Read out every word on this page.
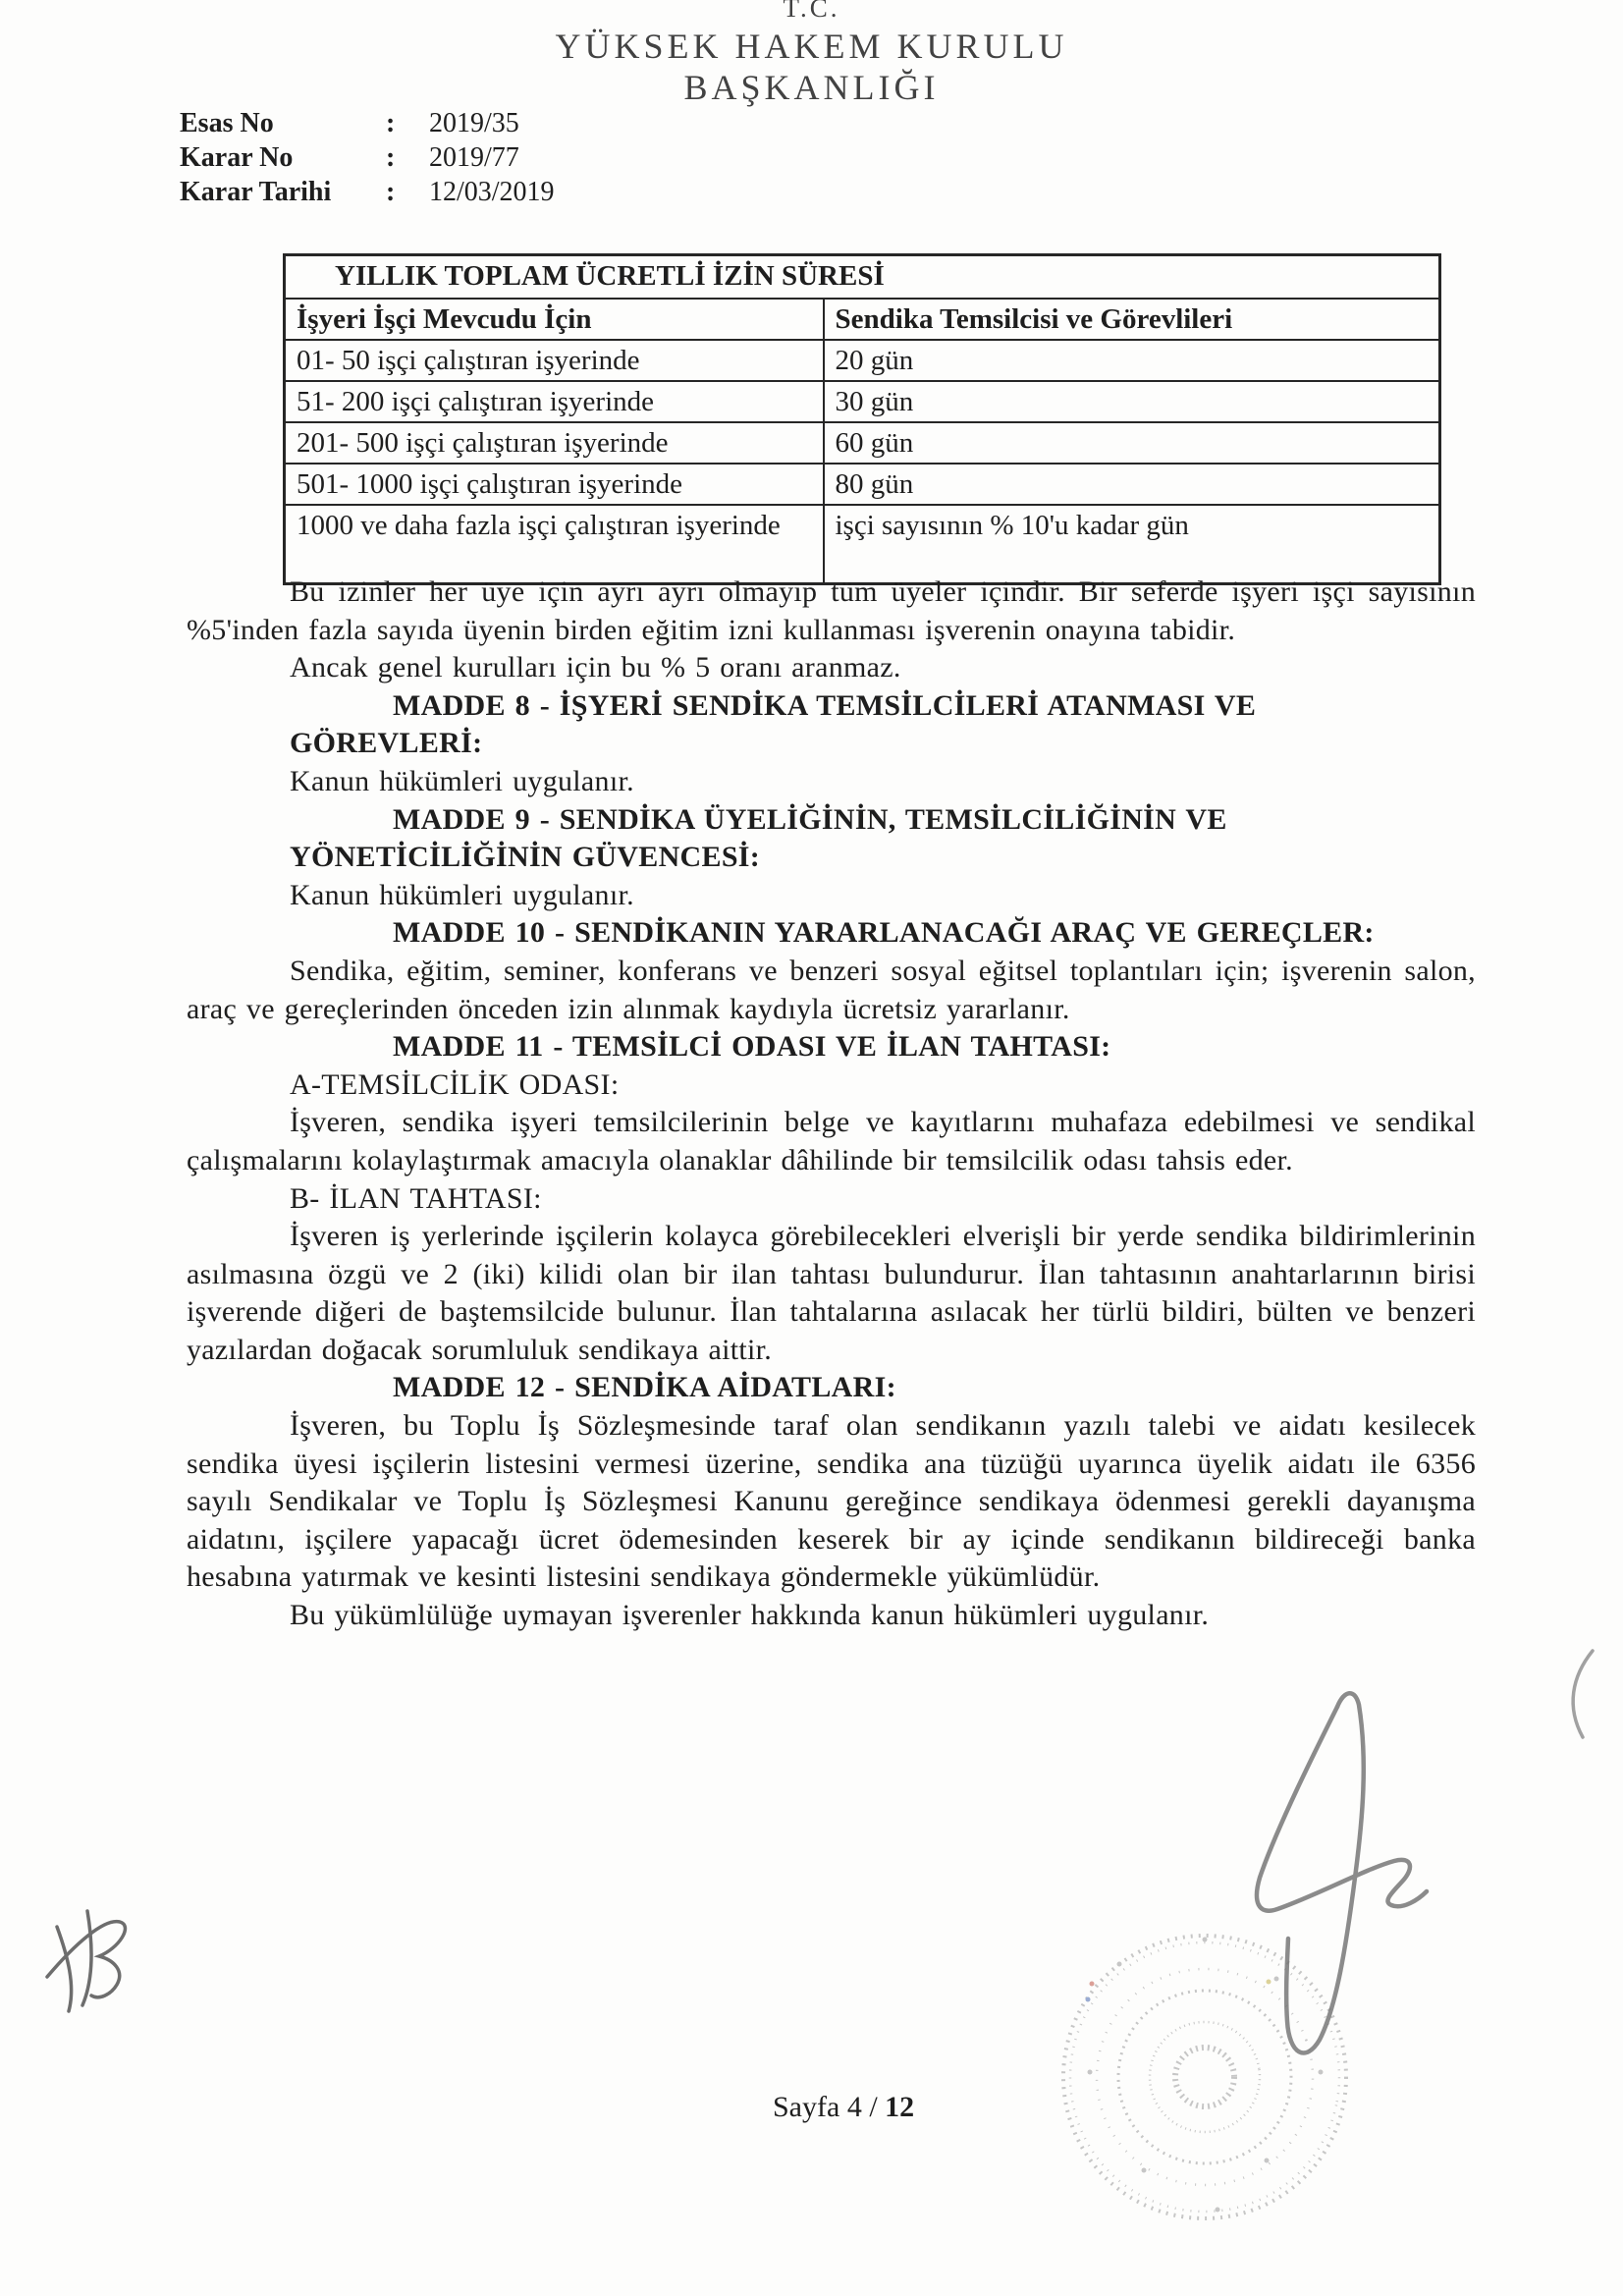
T.C.
YÜKSEK HAKEM KURULU
BAŞKANLIĞI
Esas No	:	2019/35
Karar No	:	2019/77
Karar Tarihi	:	12/03/2019
YILLIK TOPLAM ÜCRETLİ İZİN SÜRESİ	
İşyeri İşçi Mevcudu İçin	Sendika Temsilcisi ve Görevlileri
01- 50 işçi çalıştıran işyerinde	20 gün
51- 200 işçi çalıştıran işyerinde	30 gün
201- 500 işçi çalıştıran işyerinde	60 gün
501- 1000 işçi çalıştıran işyerinde	80 gün
1000 ve daha fazla işçi çalıştıran işyerinde	işçi sayısının % 10'u kadar gün

Bu izinler her üye için ayrı ayrı olmayıp tüm üyeler içindir. Bir seferde işyeri işçi sayısının %5'inden fazla sayıda üyenin birden eğitim izni kullanması işverenin onayına tabidir.

Ancak genel kurulları için bu % 5 oranı aranmaz.

MADDE 8 - İŞYERİ SENDİKA TEMSİLCİLERİ ATANMASI VE
GÖREVLERİ:

Kanun hükümleri uygulanır.

MADDE 9 - SENDİKA ÜYELİĞİNİN, TEMSİLCİLİĞİNİN VE
YÖNETİCİLİĞİNİN GÜVENCESİ:

Kanun hükümleri uygulanır.

MADDE 10 - SENDİKANIN YARARLANACAĞI ARAÇ VE GEREÇLER:

Sendika, eğitim, seminer, konferans ve benzeri sosyal eğitsel toplantıları için; işverenin salon, araç ve gereçlerinden önceden izin alınmak kaydıyla ücretsiz yararlanır.

MADDE 11 - TEMSİLCİ ODASI VE İLAN TAHTASI:

A-TEMSİLCİLİK ODASI:

İşveren, sendika işyeri temsilcilerinin belge ve kayıtlarını muhafaza edebilmesi ve sendikal çalışmalarını kolaylaştırmak amacıyla olanaklar dâhilinde bir temsilcilik odası tahsis eder.

B- İLAN TAHTASI:

İşveren iş yerlerinde işçilerin kolayca görebilecekleri elverişli bir yerde sendika bildirimlerinin asılmasına özgü ve 2 (iki) kilidi olan bir ilan tahtası bulundurur. İlan tahtasının anahtarlarının birisi işverende diğeri de baştemsilcide bulunur. İlan tahtalarına asılacak her türlü bildiri, bülten ve benzeri yazılardan doğacak sorumluluk sendikaya aittir.

MADDE 12 - SENDİKA AİDATLARI:

İşveren, bu Toplu İş Sözleşmesinde taraf olan sendikanın yazılı talebi ve aidatı kesilecek sendika üyesi işçilerin listesini vermesi üzerine, sendika ana tüzüğü uyarınca üyelik aidatı ile 6356 sayılı Sendikalar ve Toplu İş Sözleşmesi Kanunu gereğince sendikaya ödenmesi gerekli dayanışma aidatını, işçilere yapacağı ücret ödemesinden keserek bir ay içinde sendikanın bildireceği banka hesabına yatırmak ve kesinti listesini sendikaya göndermekle yükümlüdür.

Bu yükümlülüğe uymayan işverenler hakkında kanun hükümleri uygulanır.

Sayfa 4 / 12
